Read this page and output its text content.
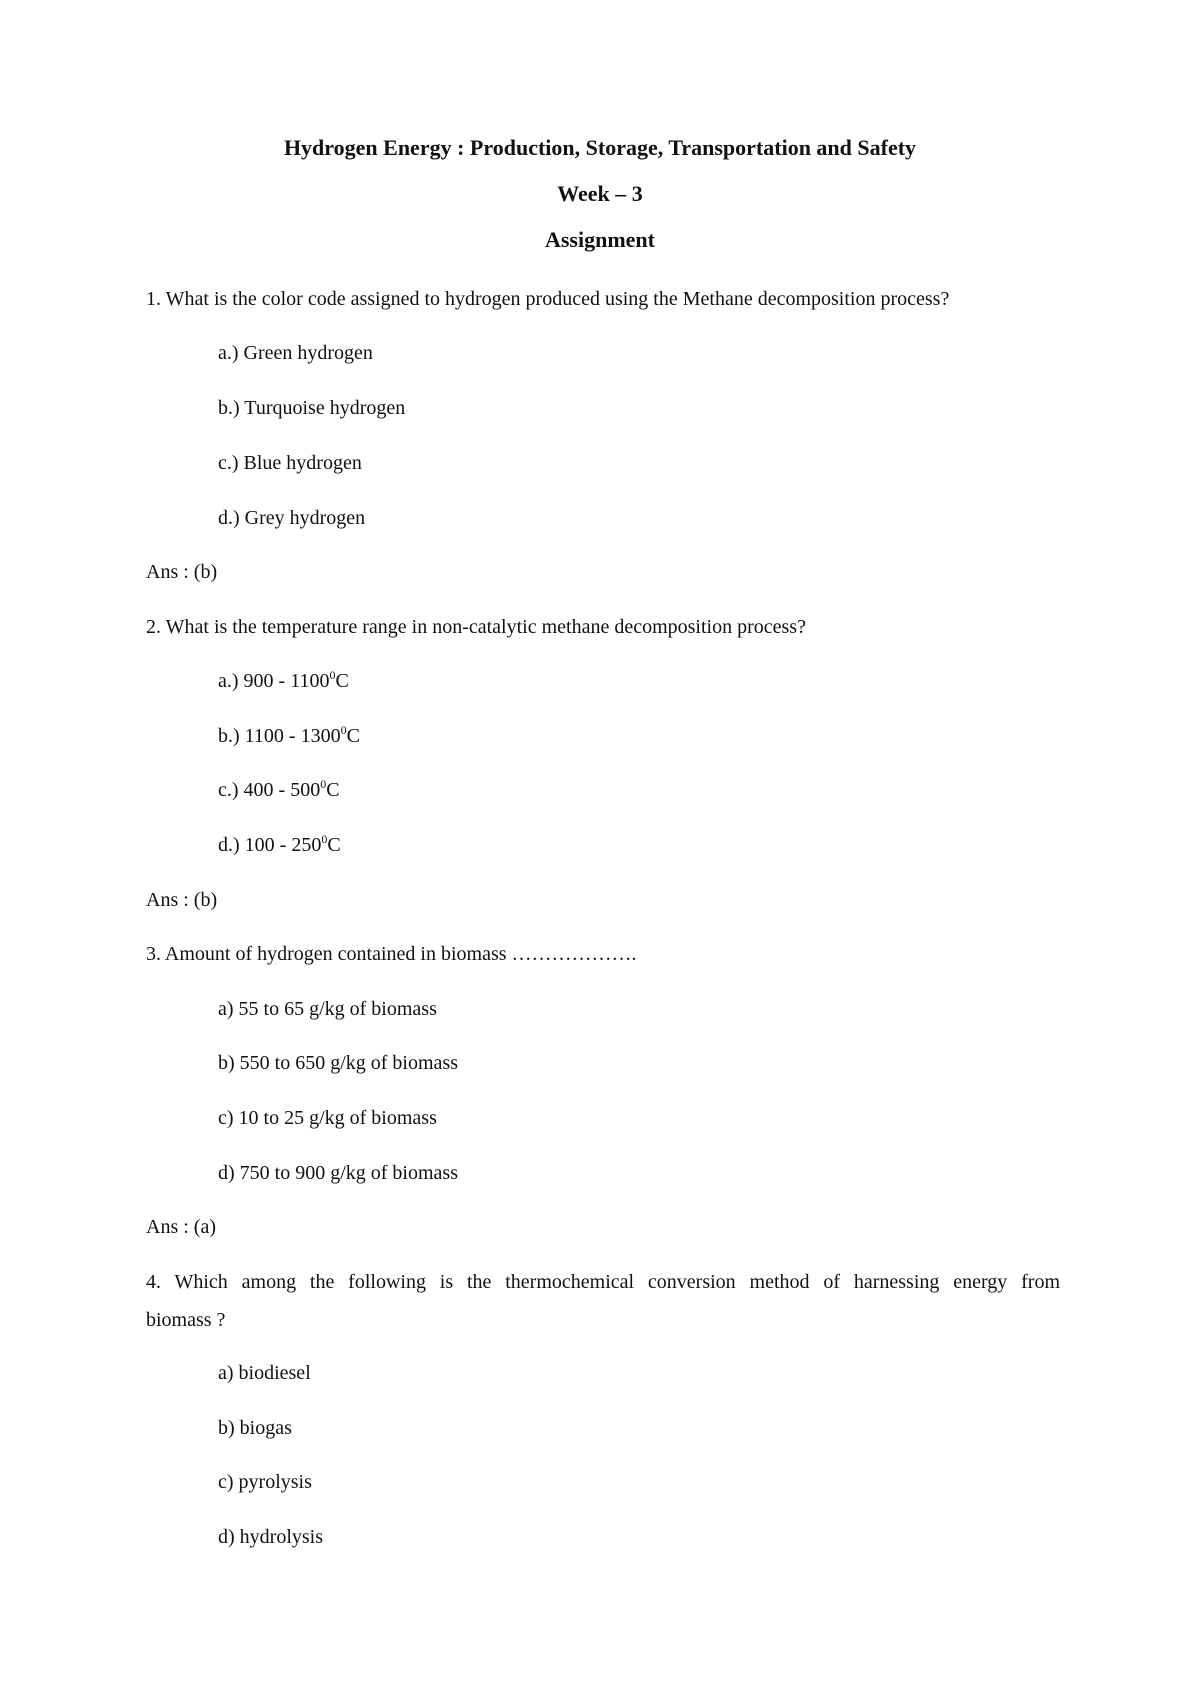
Hydrogen Energy : Production, Storage, Transportation and Safety
Week – 3
Assignment
1. What is the color code assigned to hydrogen produced using the Methane decomposition process?
a.) Green hydrogen
b.) Turquoise hydrogen
c.) Blue hydrogen
d.) Grey hydrogen
Ans : (b)
2. What is the temperature range in non-catalytic methane decomposition process?
a.) 900 - 1100$^0$C
b.) 1100 - 1300$^0$C
c.) $400 - 500^0C$
d.) $100 - 250^0C$
Ans : (b)
3. Amount of hydrogen contained in biomass ……………….
a) 55 to 65 g/kg of biomass
b) 550 to 650 g/kg of biomass
c) 10 to 25 g/kg of biomass
d) 750 to 900 g/kg of biomass
Ans : (a)
4. Which among the following is the thermochemical conversion method of harnessing energy from
biomass ?
a) biodiesel
b) biogas
c) pyrolysis
d) hydrolysis
